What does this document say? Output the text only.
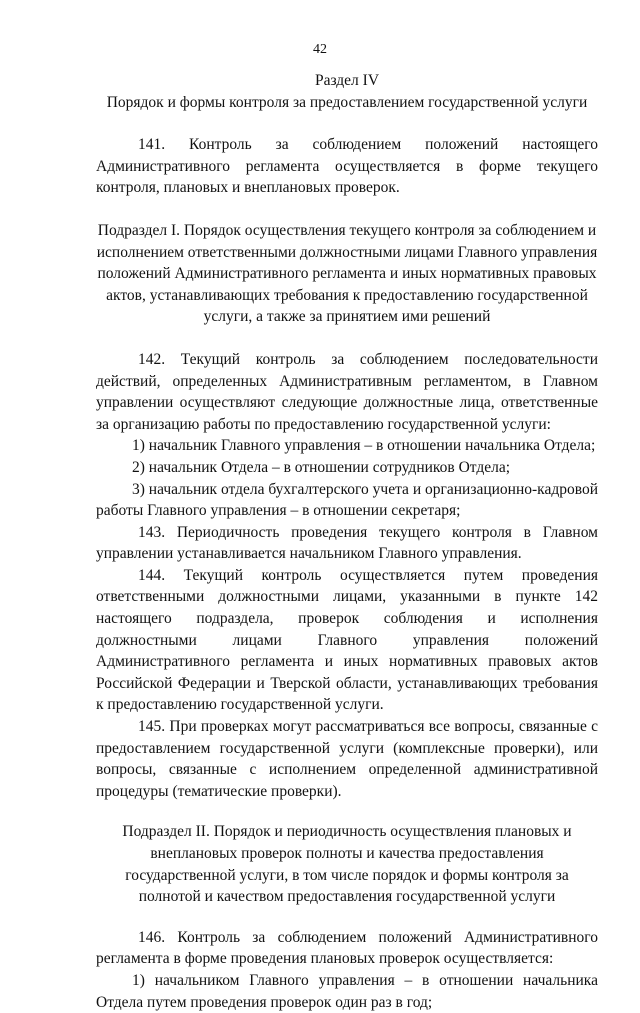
42

Раздел IV

Порядок и формы контроля за предоставлением государственной услуги

141. Контроль за соблюдением положений настоящего Административного регламента осуществляется в форме текущего контроля, плановых и внеплановых проверок.

Подраздел I. Порядок осуществления текущего контроля за соблюдением и исполнением ответственными должностными лицами Главного управления положений Административного регламента и иных нормативных правовых актов, устанавливающих требования к предоставлению государственной услуги, а также за принятием ими решений

142. Текущий контроль за соблюдением последовательности действий, определенных Административным регламентом, в Главном управлении осуществляют следующие должностные лица, ответственные за организацию работы по предоставлению государственной услуги:

1) начальник Главного управления – в отношении начальника Отдела;

2) начальник Отдела – в отношении сотрудников Отдела;

3) начальник отдела бухгалтерского учета и организационно-кадровой работы Главного управления – в отношении секретаря;

143. Периодичность проведения текущего контроля в Главном управлении устанавливается начальником Главного управления.

144. Текущий контроль осуществляется путем проведения ответственными должностными лицами, указанными в пункте 142 настоящего подраздела, проверок соблюдения и исполнения должностными лицами Главного управления положений Административного регламента и иных нормативных правовых актов Российской Федерации и Тверской области, устанавливающих требования к предоставлению государственной услуги.

145. При проверках могут рассматриваться все вопросы, связанные с предоставлением государственной услуги (комплексные проверки), или вопросы, связанные с исполнением определенной административной процедуры (тематические проверки).

Подраздел II. Порядок и периодичность осуществления плановых и внеплановых проверок полноты и качества предоставления государственной услуги, в том числе порядок и формы контроля за полнотой и качеством предоставления государственной услуги

146. Контроль за соблюдением положений Административного регламента в форме проведения плановых проверок осуществляется:

1) начальником Главного управления – в отношении начальника Отдела путем проведения проверок один раз в год;
